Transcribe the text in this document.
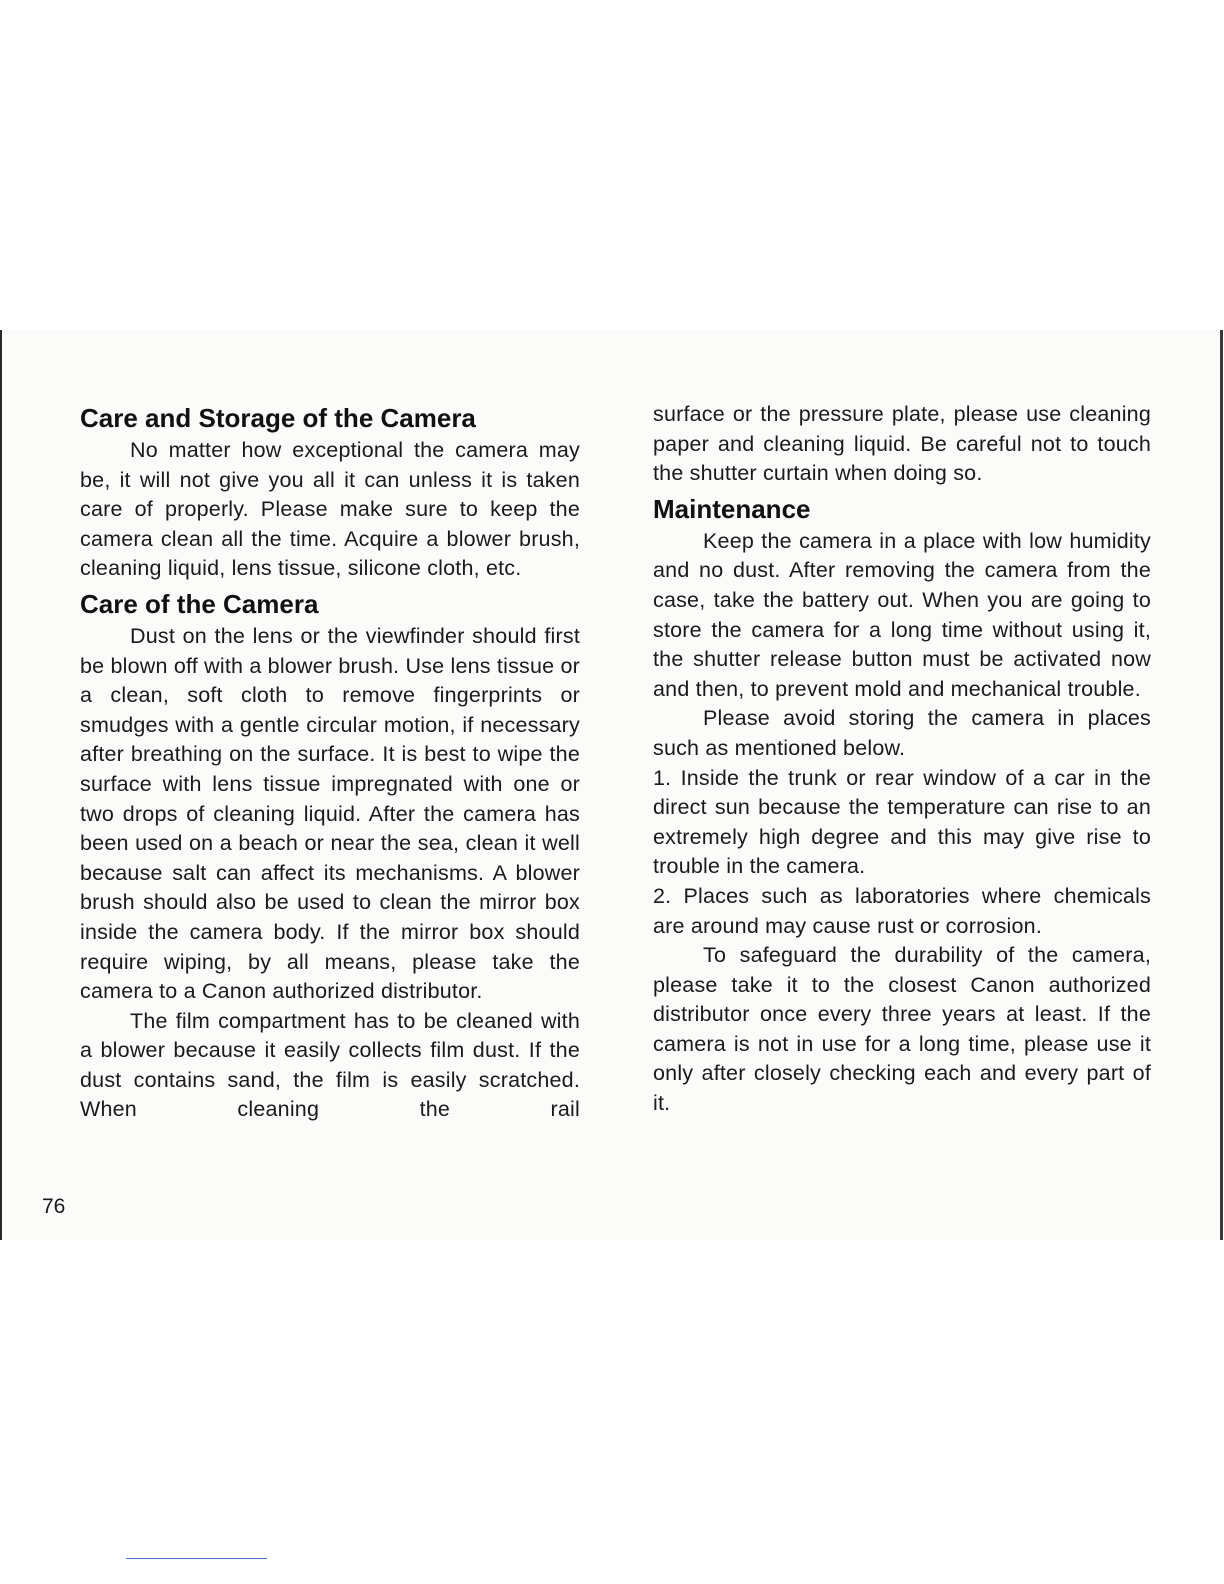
Care and Storage of the Camera

No matter how exceptional the camera may be, it will not give you all it can unless it is taken care of properly. Please make sure to keep the camera clean all the time. Acquire a blower brush, cleaning liquid, lens tissue, silicone cloth, etc.

Care of the Camera

Dust on the lens or the viewfinder should first be blown off with a blower brush. Use lens tissue or a clean, soft cloth to remove fingerprints or smudges with a gentle circular motion, if necessary after breathing on the surface. It is best to wipe the surface with lens tissue impregnated with one or two drops of cleaning liquid. After the camera has been used on a beach or near the sea, clean it well because salt can affect its mechanisms. A blower brush should also be used to clean the mirror box inside the camera body. If the mirror box should require wiping, by all means, please take the camera to a Canon authorized distributor.

The film compartment has to be cleaned with a blower because it easily collects film dust. If the dust contains sand, the film is easily scratched. When cleaning the rail

surface or the pressure plate, please use cleaning paper and cleaning liquid. Be careful not to touch the shutter curtain when doing so.

Maintenance

Keep the camera in a place with low humidity and no dust. After removing the camera from the case, take the battery out. When you are going to store the camera for a long time without using it, the shutter release button must be activated now and then, to prevent mold and mechanical trouble.

Please avoid storing the camera in places such as mentioned below.

1. Inside the trunk or rear window of a car in the direct sun because the temperature can rise to an extremely high degree and this may give rise to trouble in the camera.

2. Places such as laboratories where chemicals are around may cause rust or corrosion.

To safeguard the durability of the camera, please take it to the closest Canon authorized distributor once every three years at least. If the camera is not in use for a long time, please use it only after closely checking each and every part of it.

76
